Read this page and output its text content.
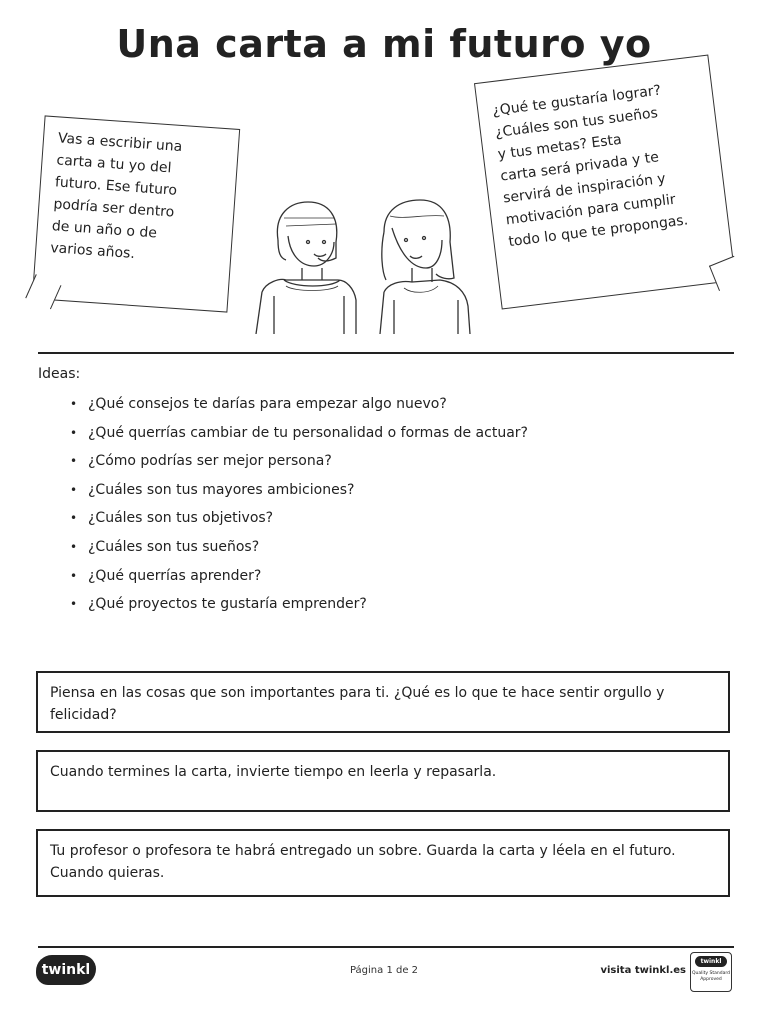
Una carta a mi futuro yo

Vas a escribir una
carta a tu yo del
futuro. Ese futuro
podría ser dentro
de un año o de
varios años.

¿Qué te gustaría lograr?
¿Cuáles son tus sueños
y tus metas? Esta
carta será privada y te
servirá de inspiración y
motivación para cumplir
todo lo que te propongas.

Ideas:
• ¿Qué consejos te darías para empezar algo nuevo?
• ¿Qué querrías cambiar de tu personalidad o formas de actuar?
• ¿Cómo podrías ser mejor persona?
• ¿Cuáles son tus mayores ambiciones?
• ¿Cuáles son tus objetivos?
• ¿Cuáles son tus sueños?
• ¿Qué querrías aprender?
• ¿Qué proyectos te gustaría emprender?
Piensa en las cosas que son importantes para ti. ¿Qué es lo que te hace sentir orgullo y felicidad?
Cuando termines la carta, invierte tiempo en leerla y repasarla.
Tu profesor o profesora te habrá entregado un sobre. Guarda la carta y léela en el futuro. Cuando quieras.
twinkl	Página 1 de 2	visita twinkl.es
twinkl
Quality Standard Approved
